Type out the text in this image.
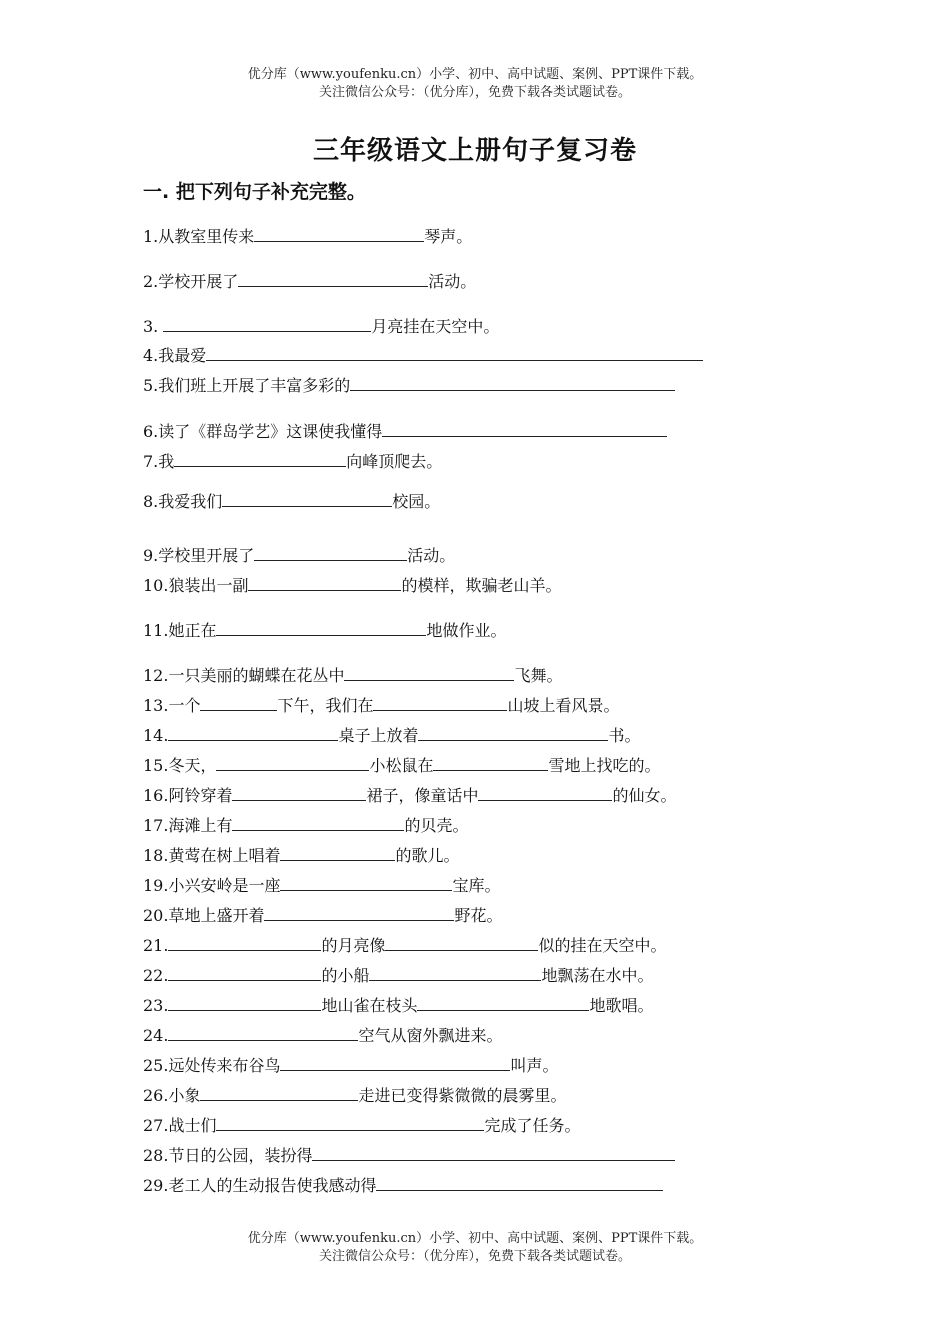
优分库（www.youfenku.cn）小学、初中、高中试题、案例、PPT课件下载。
关注微信公众号：（优分库），免费下载各类试题试卷。
三年级语文上册句子复习卷
一. 把下列句子补充完整。
1.从教室里传来	琴声。
2.学校开展了	活动。
3.	月亮挂在天空中。
4.我最爱
5.我们班上开展了丰富多彩的
6.读了《群岛学艺》这课使我懂得
7.我	向峰顶爬去。
8.我爱我们	校园。
9.学校里开展了	活动。
10.狼装出一副	的模样，欺骗老山羊。
11.她正在	地做作业。
12.一只美丽的蝴蝶在花丛中	飞舞。
13.一个	下午，我们在	山坡上看风景。
14.	桌子上放着	书。
15.冬天，	小松鼠在	雪地上找吃的。
16.阿铃穿着	裙子，像童话中	的仙女。
17.海滩上有	的贝壳。
18.黄莺在树上唱着	的歌儿。
19.小兴安岭是一座	宝库。
20.草地上盛开着	野花。
21.	的月亮像	似的挂在天空中。
22.	的小船	地飘荡在水中。
23.	地山雀在枝头	地歌唱。
24.	空气从窗外飘进来。
25.远处传来布谷鸟	叫声。
26.小象	走进已变得紫微微的晨雾里。
27.战士们	完成了任务。
28.节日的公园，装扮得
29.老工人的生动报告使我感动得
优分库（www.youfenku.cn）小学、初中、高中试题、案例、PPT课件下载。
关注微信公众号：（优分库），免费下载各类试题试卷。
